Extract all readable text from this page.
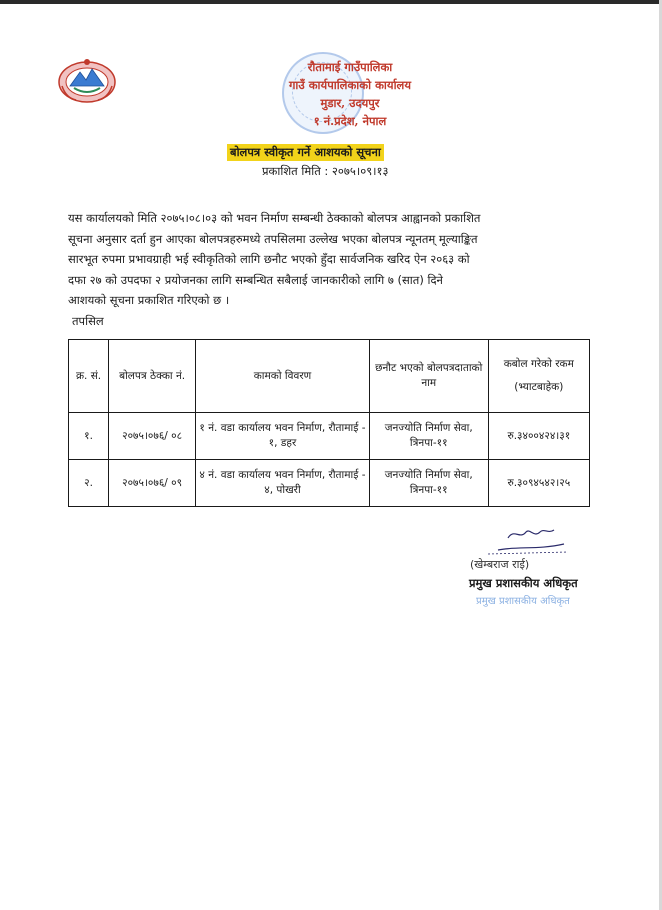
रौतामाई गाउँपालिका
गाउँ कार्यपालिकाको कार्यालय
मुडार, उदयपुर
१ नं.प्रदेश, नेपाल
बोलपत्र स्वीकृत गर्ने आशयको सूचना
प्रकाशित मिति : २०७५।०९।१३
यस कार्यालयको मिति २०७५।०८।०३ को भवन निर्माण सम्बन्धी ठेक्काको बोलपत्र आह्वानको प्रकाशित
सूचना अनुसार दर्ता हुन आएका बोलपत्रहरुमध्ये तपसिलमा उल्लेख भएका बोलपत्र न्यूनतम् मूल्याङ्कित
सारभूत रुपमा प्रभावग्राही भई स्वीकृतिको लागि छनौट भएको हुँदा सार्वजनिक खरिद ऐन २०६३ को
दफा २७ को उपदफा २ प्रयोजनका लागि सम्बन्धित सबैलाई जानकारीको लागि ७ (सात) दिने
आशयको सूचना प्रकाशित गरिएको छ ।
तपसिल
क्र. सं.	बोलपत्र ठेक्का नं.	कामको विवरण	छनौट भएको बोलपत्रदाताको नाम	कबोल गरेको रकम
(भ्याटबाहेक)

१.	२०७५।०७६/ ०८	१ नं. वडा कार्यालय भवन निर्माण, रौतामाई - १, डहर	जनज्योति निर्माण सेवा, त्रिनपा-११	रु.३४००४२४।३१
२.	२०७५।०७६/ ०९	४ नं. वडा कार्यालय भवन निर्माण, रौतामाई - ४, पोखरी	जनज्योति निर्माण सेवा, त्रिनपा-११	रु.३०९४५४२।२५
(खेम्बराज राई)
प्रमुख प्रशासकीय अधिकृत
प्रमुख प्रशासकीय अधिकृत
